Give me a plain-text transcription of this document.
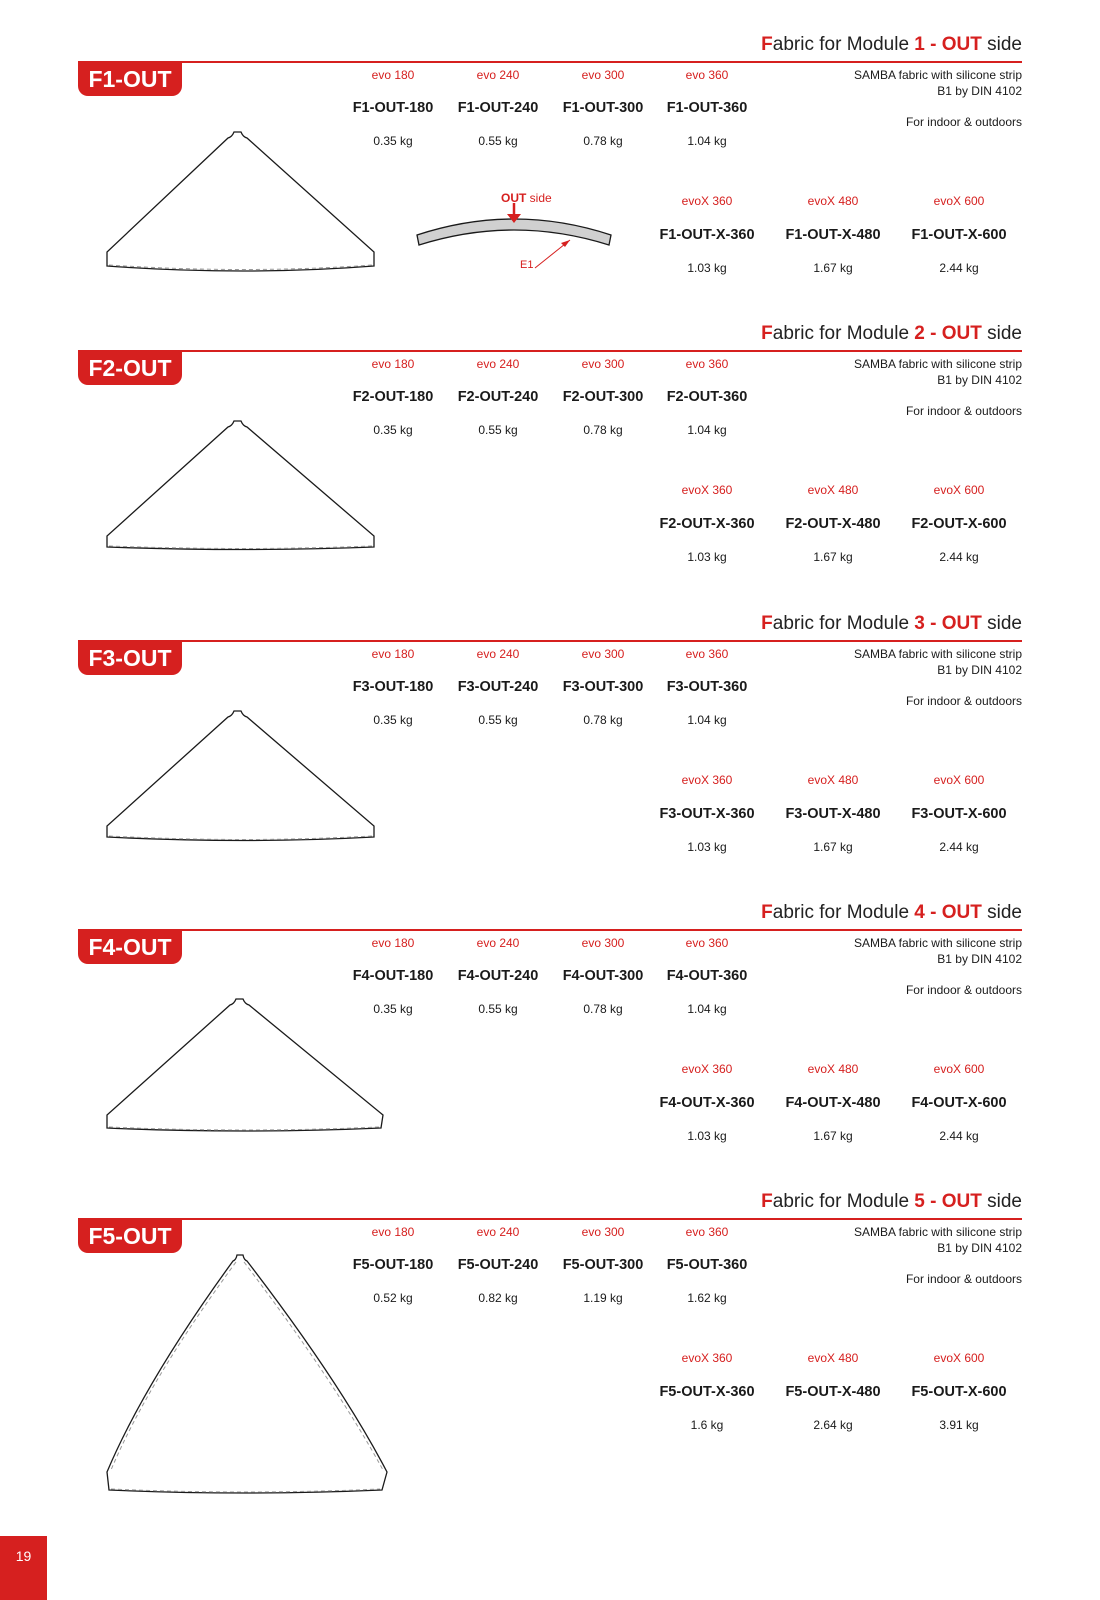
Fabric for Module 1 - OUT side
F1-OUT	evo 180	evo 240	evo 300	evo 360
F1-OUT-180	F1-OUT-240	F1-OUT-300	F1-OUT-360
0.35 kg	0.55 kg	0.78 kg	1.04 kg
evoX 360	evoX 480	evoX 600
F1-OUT-X-360	F1-OUT-X-480	F1-OUT-X-600
1.03 kg	1.67 kg	2.44 kg
SAMBA fabric with silicone strip
B1 by DIN 4102
For indoor & outdoors
OUT side
E1
Fabric for Module 2 - OUT side
F2-OUT	evo 180	evo 240	evo 300	evo 360
F2-OUT-180	F2-OUT-240	F2-OUT-300	F2-OUT-360
0.35 kg	0.55 kg	0.78 kg	1.04 kg
evoX 360	evoX 480	evoX 600
F2-OUT-X-360	F2-OUT-X-480	F2-OUT-X-600
1.03 kg	1.67 kg	2.44 kg
SAMBA fabric with silicone strip
B1 by DIN 4102
For indoor & outdoors
Fabric for Module 3 - OUT side
F3-OUT	evo 180	evo 240	evo 300	evo 360
F3-OUT-180	F3-OUT-240	F3-OUT-300	F3-OUT-360
0.35 kg	0.55 kg	0.78 kg	1.04 kg
evoX 360	evoX 480	evoX 600
F3-OUT-X-360	F3-OUT-X-480	F3-OUT-X-600
1.03 kg	1.67 kg	2.44 kg
SAMBA fabric with silicone strip
B1 by DIN 4102
For indoor & outdoors
Fabric for Module 4 - OUT side
F4-OUT	evo 180	evo 240	evo 300	evo 360
F4-OUT-180	F4-OUT-240	F4-OUT-300	F4-OUT-360
0.35 kg	0.55 kg	0.78 kg	1.04 kg
evoX 360	evoX 480	evoX 600
F4-OUT-X-360	F4-OUT-X-480	F4-OUT-X-600
1.03 kg	1.67 kg	2.44 kg
SAMBA fabric with silicone strip
B1 by DIN 4102
For indoor & outdoors
Fabric for Module 5 - OUT side
F5-OUT	evo 180	evo 240	evo 300	evo 360
F5-OUT-180	F5-OUT-240	F5-OUT-300	F5-OUT-360
0.52 kg	0.82 kg	1.19 kg	1.62 kg
evoX 360	evoX 480	evoX 600
F5-OUT-X-360	F5-OUT-X-480	F5-OUT-X-600
1.6 kg	2.64 kg	3.91 kg
SAMBA fabric with silicone strip
B1 by DIN 4102
For indoor & outdoors
19
